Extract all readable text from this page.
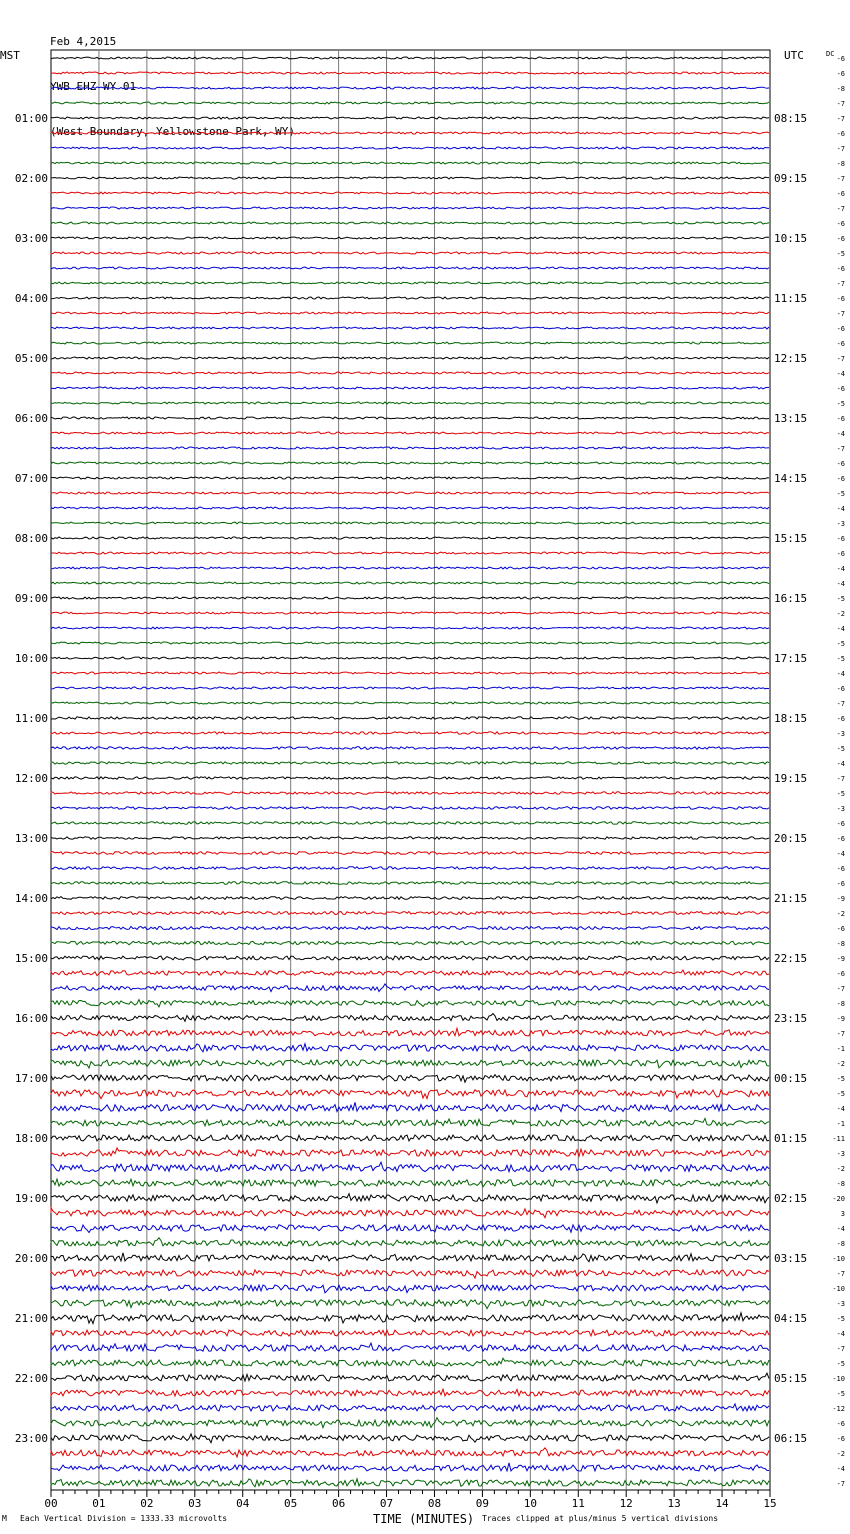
Feb 4,2015

YWB EHZ WY 01

(West Boundary, Yellowstone Park, WY)

MST	UTC
01:00
02:00
03:00
04:00
05:00
06:00
07:00
08:00
09:00
10:00
11:00
12:00
13:00
14:00
15:00
16:00
17:00
18:00
19:00
20:00
21:00
22:00
23:00
08:15
09:15
10:15
11:15
12:15
13:15
14:15
15:15
16:15
17:15
18:15
19:15
20:15
21:15
22:15
23:15
00:15
01:15
02:15
03:15
04:15
05:15
06:15
DC
-6
-6
-8
-7
-7
-6
-7
-8
-7
-6
-7
-6
-6
-5
-6
-7
-6
-7
-6
-6
-7
-4
-6
-5
-6
-4
-7
-6
-6
-5
-4
-3
-6
-6
-4
-4
-5
-2
-4
-5
-5
-4
-6
-7
-6
-3
-5
-4
-7
-5
-3
-6
-6
-4
-6
-6
-9
-2
-6
-8
-9
-6
-7
-8
-9
-7
-1
-2
-5
-5
-4
-1
-11
-3
-2
-8
-20
3
-4
-8
-10
-7
-10
-3
-5
-4
-7
-5
-10
-5
-12
-6
-6
-2
-4
-7
00	01	02	03	04	05	06	07	08	09	10	11	12	13	14	15
M Each Vertical Division = 1333.33 microvolts	TIME (MINUTES) Traces clipped at plus/minus 5 vertical divisions
